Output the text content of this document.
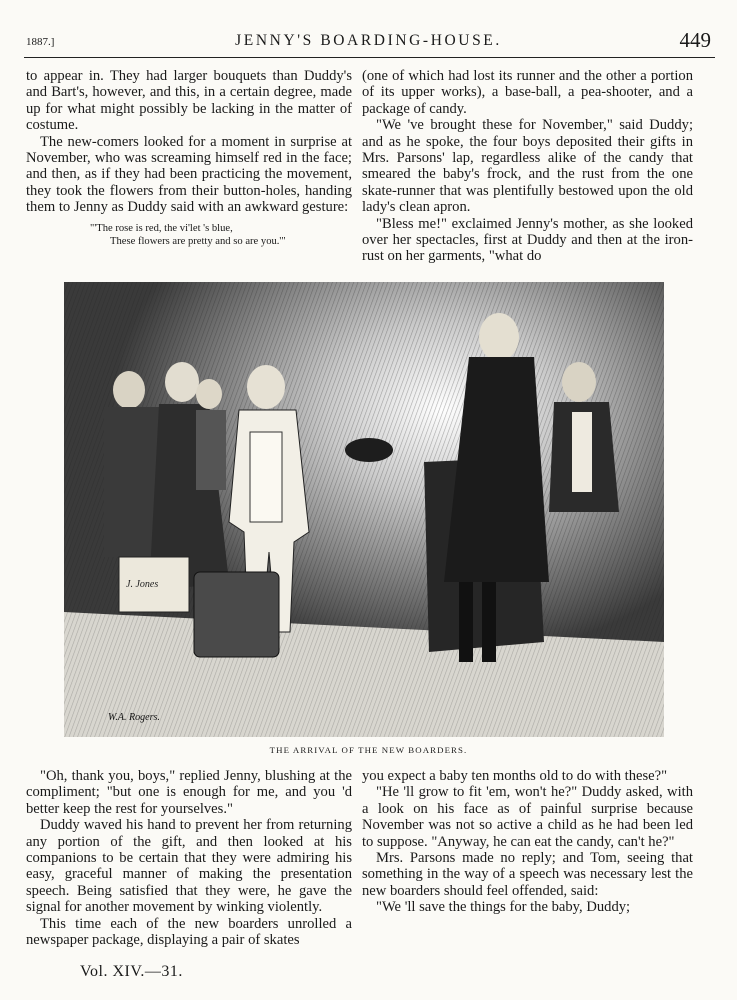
1887.]	JENNY'S BOARDING-HOUSE.	449

to appear in. They had larger bouquets than Duddy's and Bart's, however, and this, in a certain degree, made up for what might possibly be lacking in the matter of costume.

The new-comers looked for a moment in surprise at November, who was screaming himself red in the face; and then, as if they had been practicing the movement, they took the flowers from their button-holes, handing them to Jenny as Duddy said with an awkward gesture:

"'The rose is red, the vi'let 's blue,
These flowers are pretty and so are you.'"

(one of which had lost its runner and the other a portion of its upper works), a base-ball, a pea-shooter, and a package of candy.

"We 've brought these for November," said Duddy; and as he spoke, the four boys deposited their gifts in Mrs. Parsons' lap, regardless alike of the candy that smeared the baby's frock, and the rust from the one skate-runner that was plentifully bestowed upon the old lady's clean apron.

"Bless me!" exclaimed Jenny's mother, as she looked over her spectacles, first at Duddy and then at the iron-rust on her garments, "what do

J. Jones
W.A. Rogers.
THE ARRIVAL OF THE NEW BOARDERS.

"Oh, thank you, boys," replied Jenny, blushing at the compliment; "but one is enough for me, and you 'd better keep the rest for yourselves."

Duddy waved his hand to prevent her from returning any portion of the gift, and then looked at his companions to be certain that they were admiring his easy, graceful manner of making the presentation speech. Being satisfied that they were, he gave the signal for another movement by winking violently.

This time each of the new boarders unrolled a newspaper package, displaying a pair of skates

you expect a baby ten months old to do with these?"

"He 'll grow to fit 'em, won't he?" Duddy asked, with a look on his face as of painful surprise because November was not so active a child as he had been led to suppose. "Anyway, he can eat the candy, can't he?"

Mrs. Parsons made no reply; and Tom, seeing that something in the way of a speech was necessary lest the new boarders should feel offended, said:

"We 'll save the things for the baby, Duddy;

Vol. XIV.—31.
